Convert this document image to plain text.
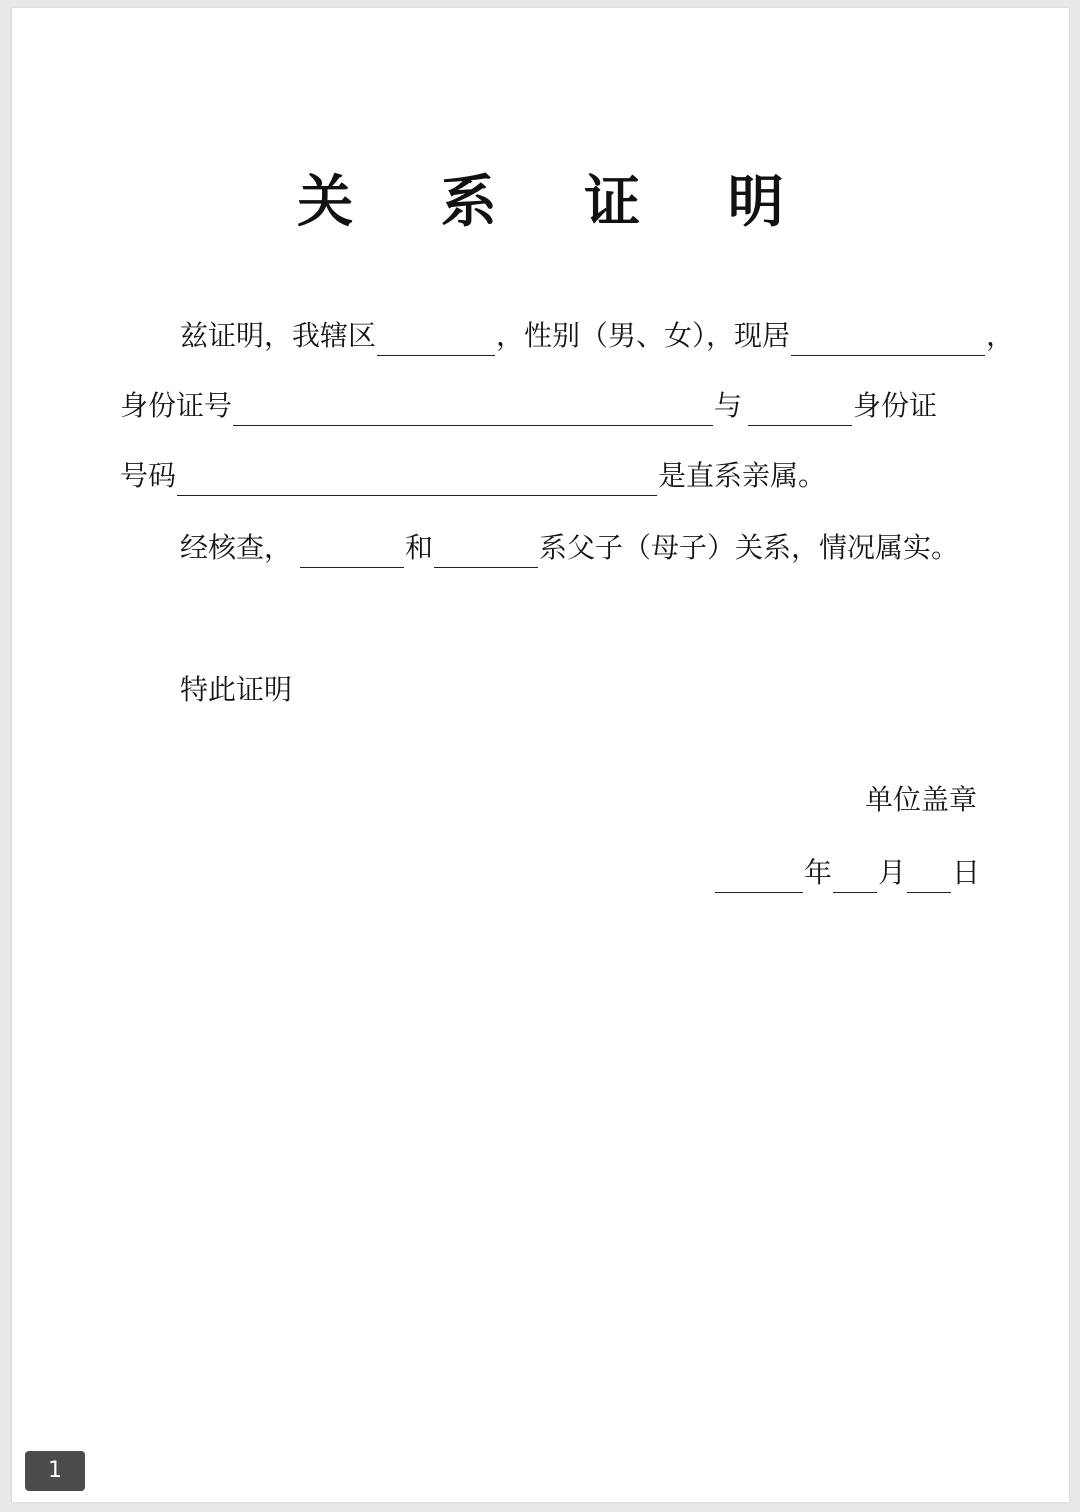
关 系 证 明
兹证明，我辖区	，性别（男、女），现居	，
身份证号	与	身份证
号码	是直系亲属。
经核查，	和	系父子（母子）关系，情况属实。
特此证明
单位盖章
年 月 日
1
